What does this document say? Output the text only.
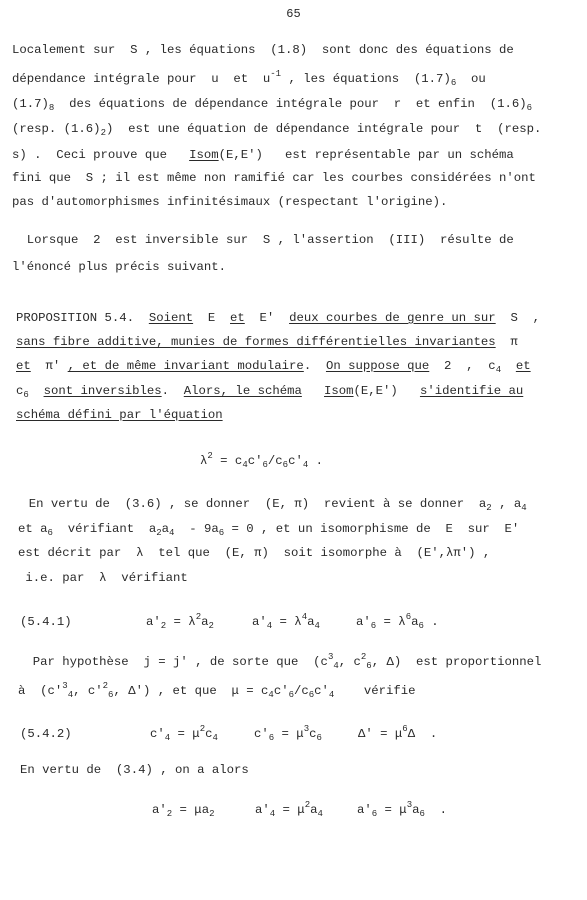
65
Localement sur  S , les équations  (1.8)  sont donc des équations de
dépendance intégrale pour  u  et  $u^{-1}$ , les équations  $(1.7)_6$  ou
$(1.7)_8$  des équations de dépendance intégrale pour  r  et enfin  $(1.6)_6$
(resp. $(1.6)_2$)  est une équation de dépendance intégrale pour  t  (resp.
s) .  Ceci prouve que   Isom(E,E')   est représentable par un schéma
fini que  S ; il est même non ramifié car les courbes considérées n'ont
pas d'automorphismes infinitésimaux (respectant l'origine).
Lorsque  2  est inversible sur  S , l'assertion  (III)  résulte de
l'énoncé plus précis suivant.
PROPOSITION 5.4.  Soient  E  et  E'  deux courbes de genre un sur  S  ,
sans fibre additive, munies de formes différentielles invariantes  π
et  π' , et de même invariant modulaire.  On suppose que  2  ,  $c_4$ et
$c_6$ sont inversibles.  Alors, le schéma Isom(E,E') s'identifie au
schéma défini par l'équation
$\lambda^2 = c_4c'_6/c_6c'_4$ .
En vertu de  (3.6) , se donner  (E, π)  revient à se donner  $a_2$ , $a_4$
et $a_6$  vérifiant  $a_2a_4 - 9a_6 = 0$ , et un isomorphisme de  E  sur  E'
est décrit par  λ  tel que  (E, π)  soit isomorphe à  (E',λπ') ,
i.e. par  λ  vérifiant
(5.4.1)	$a'_2 = \lambda^2a_2$	$a'_4 = \lambda^4a_4$	$a'_6 = \lambda^6a_6$ .
Par hypothèse  j = j' , de sorte que  ($c^3_4$, $c^2_6$, Δ)  est proportionnel
à  ($c'^3_4$, $c'^2_6$, Δ') , et que  $\mu = c_4c'_6/c_6c'_4$    vérifie
(5.4.2)	$c'_4 = \mu^2c_4$	$c'_6 = \mu^3c_6$	$\Delta' = \mu^6\Delta$  .
En vertu de  (3.4) , on a alors
$a'_2 = \mu a_2$	$a'_4 = \mu^2a_4$	$a'_6 = \mu^3a_6$  .
